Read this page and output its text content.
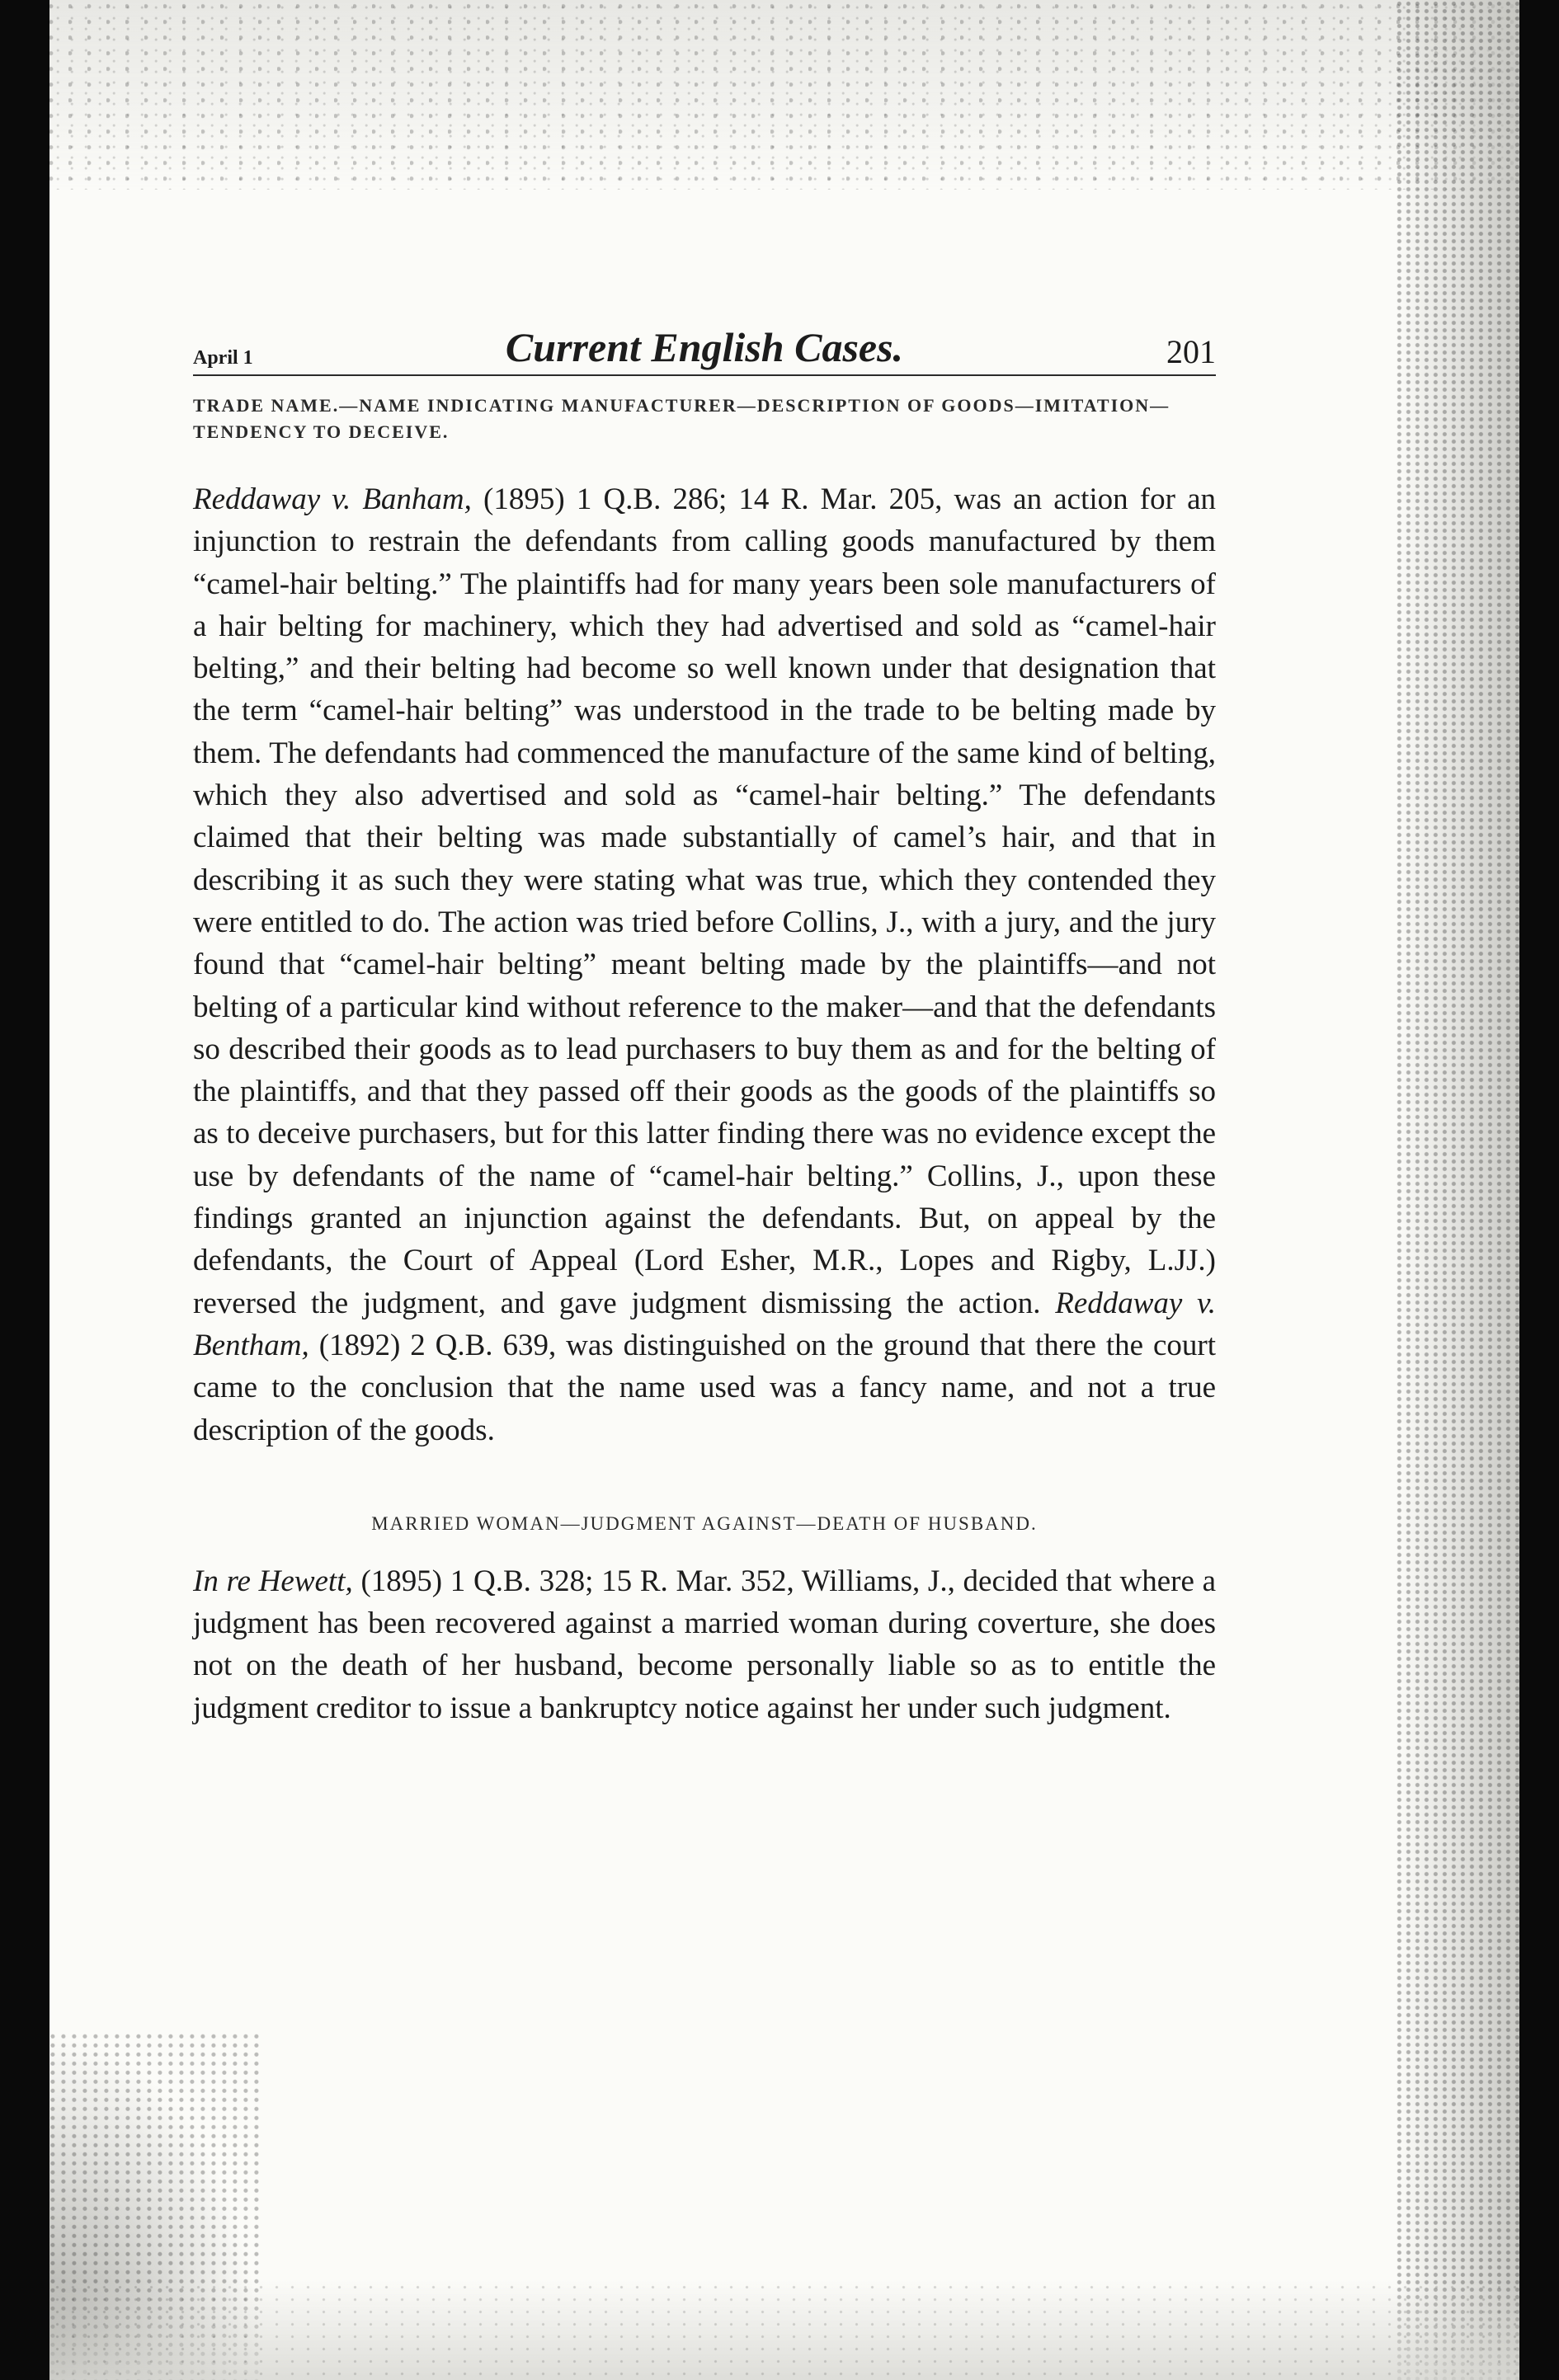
April 1	Current English Cases.	201
TRADE NAME.—NAME INDICATING MANUFACTURER—DESCRIPTION OF GOODS—IMITATION—TENDENCY TO DECEIVE.

Reddaway v. Banham, (1895) 1 Q.B. 286; 14 R. Mar. 205, was an action for an injunction to restrain the defendants from calling goods manufactured by them “camel-hair belting.” The plaintiffs had for many years been sole manufacturers of a hair belting for machinery, which they had advertised and sold as “camel-hair belting,” and their belting had become so well known under that designation that the term “camel-hair belting” was understood in the trade to be belting made by them. The defendants had commenced the manufacture of the same kind of belting, which they also advertised and sold as “camel-hair belting.” The defendants claimed that their belting was made substantially of camel’s hair, and that in describing it as such they were stating what was true, which they contended they were entitled to do. The action was tried before Collins, J., with a jury, and the jury found that “camel-hair belting” meant belting made by the plaintiffs—and not belting of a particular kind without reference to the maker—and that the defendants so described their goods as to lead purchasers to buy them as and for the belting of the plaintiffs, and that they passed off their goods as the goods of the plaintiffs so as to deceive purchasers, but for this latter finding there was no evidence except the use by defendants of the name of “camel-hair belting.” Collins, J., upon these findings granted an injunction against the defendants. But, on appeal by the defendants, the Court of Appeal (Lord Esher, M.R., Lopes and Rigby, L.JJ.) reversed the judgment, and gave judgment dismissing the action. Reddaway v. Bentham, (1892) 2 Q.B. 639, was distinguished on the ground that there the court came to the conclusion that the name used was a fancy name, and not a true description of the goods.

MARRIED WOMAN—JUDGMENT AGAINST—DEATH OF HUSBAND.

In re Hewett, (1895) 1 Q.B. 328; 15 R. Mar. 352, Williams, J., decided that where a judgment has been recovered against a married woman during coverture, she does not on the death of her husband, become personally liable so as to entitle the judgment creditor to issue a bankruptcy notice against her under such judgment.
